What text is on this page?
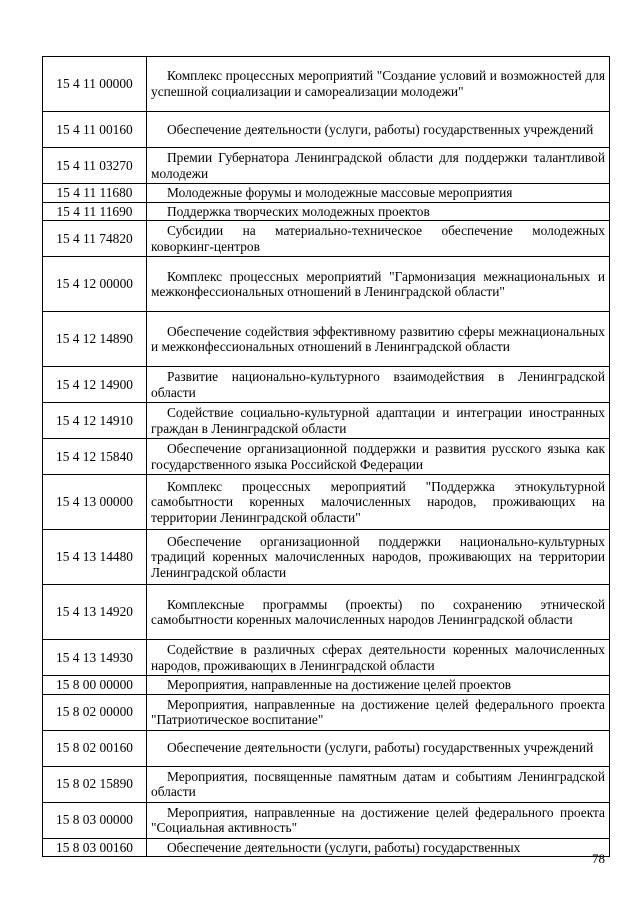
15 4 11 00000	Комплекс процессных мероприятий "Создание условий и возможностей для успешной социализации и самореализации молодежи"
15 4 11 00160	Обеспечение деятельности (услуги, работы) государственных учреждений
15 4 11 03270	Премии Губернатора Ленинградской области для поддержки талантливой молодежи
15 4 11 11680	Молодежные форумы и молодежные массовые мероприятия
15 4 11 11690	Поддержка творческих молодежных проектов
15 4 11 74820	Субсидии на материально-техническое обеспечение молодежных коворкинг-центров
15 4 12 00000	Комплекс процессных мероприятий "Гармонизация межнациональных и межконфессиональных отношений в Ленинградской области"
15 4 12 14890	Обеспечение содействия эффективному развитию сферы межнациональных и межконфессиональных отношений в Ленинградской области
15 4 12 14900	Развитие национально-культурного взаимодействия в Ленинградской области
15 4 12 14910	Содействие социально-культурной адаптации и интеграции иностранных граждан в Ленинградской области
15 4 12 15840	Обеспечение организационной поддержки и развития русского языка как государственного языка Российской Федерации
15 4 13 00000	Комплекс процессных мероприятий "Поддержка этнокультурной самобытности коренных малочисленных народов, проживающих на территории Ленинградской области"
15 4 13 14480	Обеспечение организационной поддержки национально-культурных традиций коренных малочисленных народов, проживающих на территории Ленинградской области
15 4 13 14920	Комплексные программы (проекты) по сохранению этнической самобытности коренных малочисленных народов Ленинградской области
15 4 13 14930	Содействие в различных сферах деятельности коренных малочисленных народов, проживающих в Ленинградской области
15 8 00 00000	Мероприятия, направленные на достижение целей проектов
15 8 02 00000	Мероприятия, направленные на достижение целей федерального проекта "Патриотическое воспитание"
15 8 02 00160	Обеспечение деятельности (услуги, работы) государственных учреждений
15 8 02 15890	Мероприятия, посвященные памятным датам и событиям Ленинградской области
15 8 03 00000	Мероприятия, направленные на достижение целей федерального проекта "Социальная активность"
15 8 03 00160	Обеспечение деятельности (услуги, работы) государственных
78
